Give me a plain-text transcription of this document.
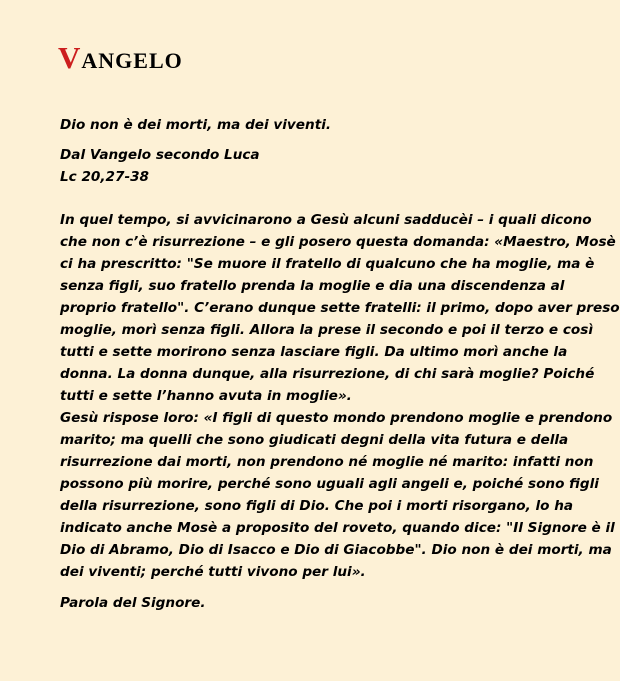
VANGELO

Dio non è dei morti, ma dei viventi.

Dal Vangelo secondo Luca
Lc 20,27-38
In quel tempo, si avvicinarono a Gesù alcuni sadducèi – i quali dicono
che non c’è risurrezione – e gli posero questa domanda: «Maestro, Mosè
ci ha prescritto: "Se muore il fratello di qualcuno che ha moglie, ma è
senza figli, suo fratello prenda la moglie e dia una discendenza al
proprio fratello". C’erano dunque sette fratelli: il primo, dopo aver preso
moglie, morì senza figli. Allora la prese il secondo e poi il terzo e così
tutti e sette morirono senza lasciare figli. Da ultimo morì anche la
donna. La donna dunque, alla risurrezione, di chi sarà moglie? Poiché
tutti e sette l’hanno avuta in moglie».
Gesù rispose loro: «I figli di questo mondo prendono moglie e prendono
marito; ma quelli che sono giudicati degni della vita futura e della
risurrezione dai morti, non prendono né moglie né marito: infatti non
possono più morire, perché sono uguali agli angeli e, poiché sono figli
della risurrezione, sono figli di Dio. Che poi i morti risorgano, lo ha
indicato anche Mosè a proposito del roveto, quando dice: "Il Signore è il
Dio di Abramo, Dio di Isacco e Dio di Giacobbe". Dio non è dei morti, ma
dei viventi; perché tutti vivono per lui».

Parola del Signore.
